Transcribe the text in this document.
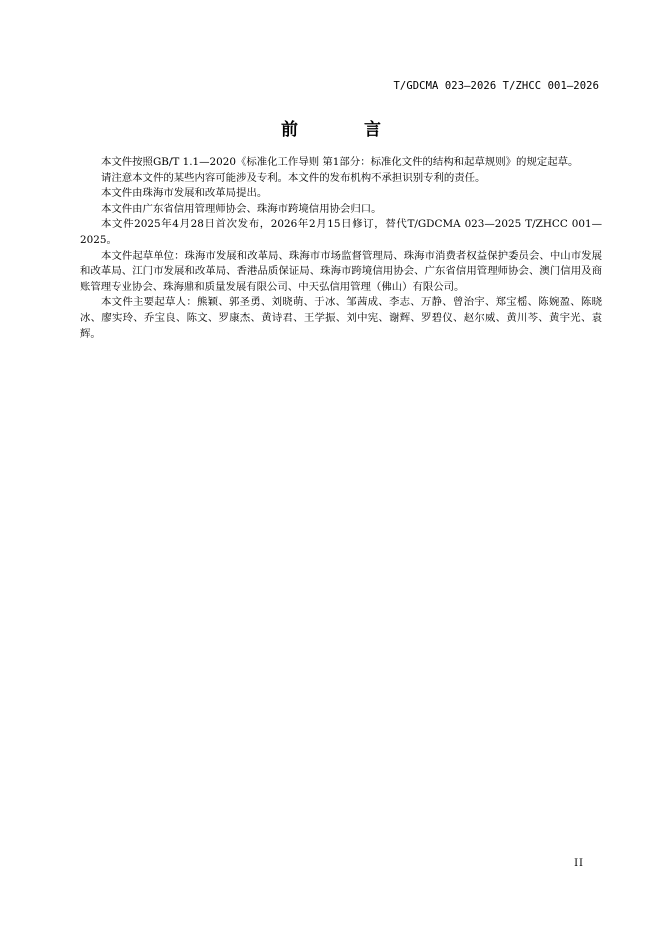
T/GDCMA 023—2026 T/ZHCC 001—2026
前 言

本文件按照GB/T 1.1—2020《标准化工作导则 第1部分：标准化文件的结构和起草规则》的规定起草。

请注意本文件的某些内容可能涉及专利。本文件的发布机构不承担识别专利的责任。

本文件由珠海市发展和改革局提出。

本文件由广东省信用管理师协会、珠海市跨境信用协会归口。

本文件2025年4月28日首次发布，2026年2月15日修订，替代T/GDCMA 023—2025 T/ZHCC 001—2025。

本文件起草单位：珠海市发展和改革局、珠海市市场监督管理局、珠海市消费者权益保护委员会、中山市发展和改革局、江门市发展和改革局、香港品质保证局、珠海市跨境信用协会、广东省信用管理师协会、澳门信用及商账管理专业协会、珠海鼎和质量发展有限公司、中天弘信用管理（佛山）有限公司。

本文件主要起草人：熊颖、郭圣勇、刘晓萌、于冰、邹茜成、李志、万静、曾治宇、郑宝榣、陈婉盈、陈晓冰、廖实玲、乔宝良、陈文、罗康杰、黄诗君、王学振、刘中宪、谢辉、罗碧仪、赵尔威、黄川芩、黄宇光、袁辉。

II
